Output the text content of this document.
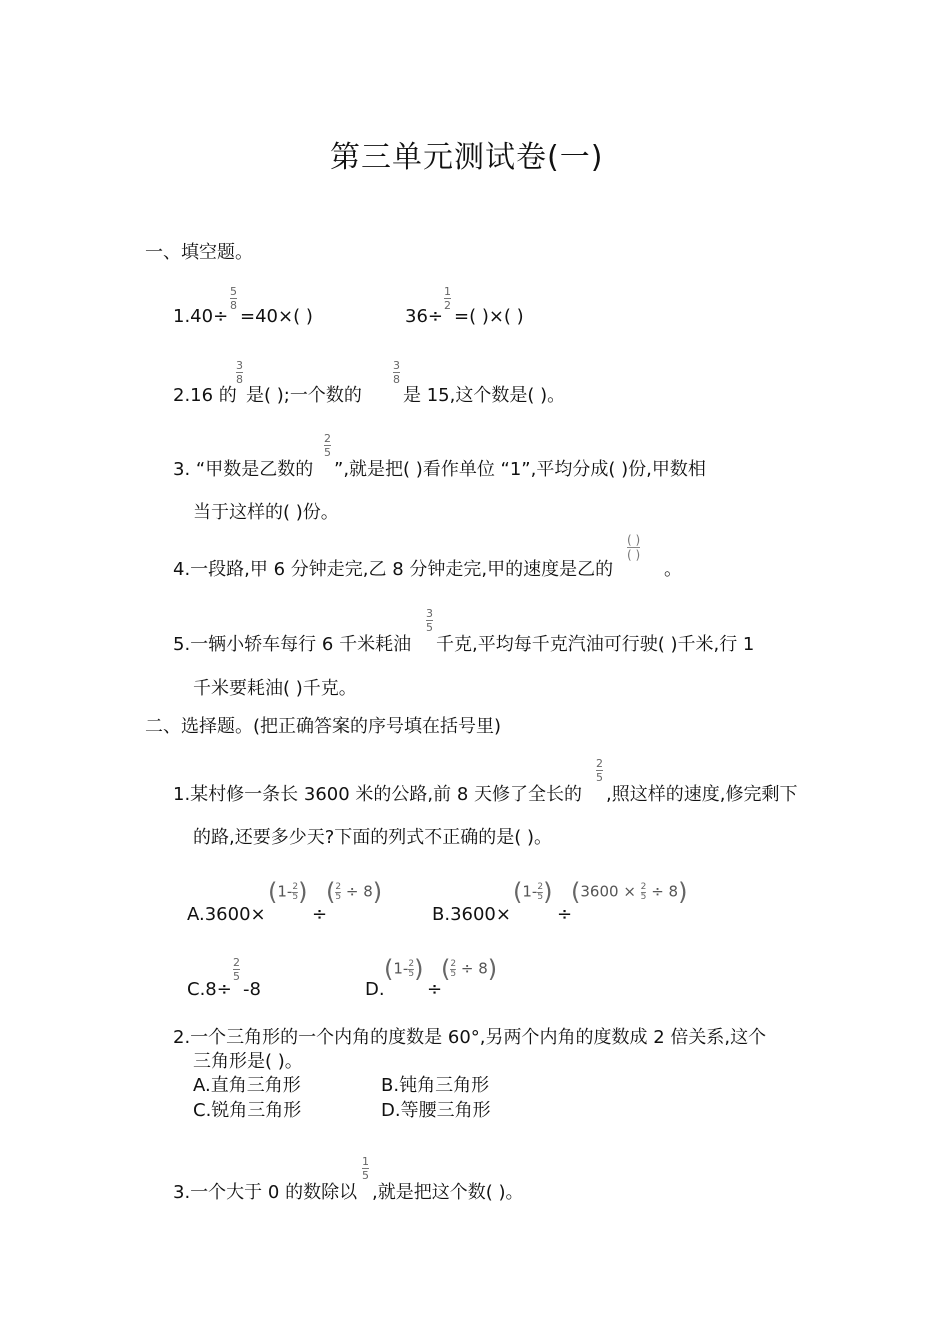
第三单元测试卷(一)
一、填空题。
1.40÷
5
8
=40×( )	36÷
1
2
=( )×( )
2.16 的
3
8
是( );一个数的
3
8
是 15,这个数是( )。
3. “甲数是乙数的
2
5
”,就是把( )看作单位 “1”,平均分成( )份,甲数相
当于这样的( )份。
4.一段路,甲 6 分钟走完,乙 8 分钟走完,甲的速度是乙的
( )
( )
。
5.一辆小轿车每行 6 千米耗油
3
5
千克,平均每千克汽油可行驶( )千米,行 1
千米要耗油( )千克。
二、选择题。(把正确答案的序号填在括号里)
1.某村修一条长 3600 米的公路,前 8 天修了全长的
2
5
,照这样的速度,修完剩下
的路,还要多少天?下面的列式不正确的是( )。
A.3600×
$(1-\frac{2}{5})$
÷
$(\frac{2}{5} \div 8)$
B.3600×
$(1-\frac{2}{5})$
÷
$(3600 \times \frac{2}{5} \div 8)$
C.8÷
2
5
-8	D.
$(1-\frac{2}{5})$
÷
$(\frac{2}{5} \div 8)$
2.一个三角形的一个内角的度数是 60°,另两个内角的度数成 2 倍关系,这个
三角形是( )。
A.直角三角形	B.钝角三角形
C.锐角三角形	D.等腰三角形
3.一个大于 0 的数除以
1
5
,就是把这个数( )。
